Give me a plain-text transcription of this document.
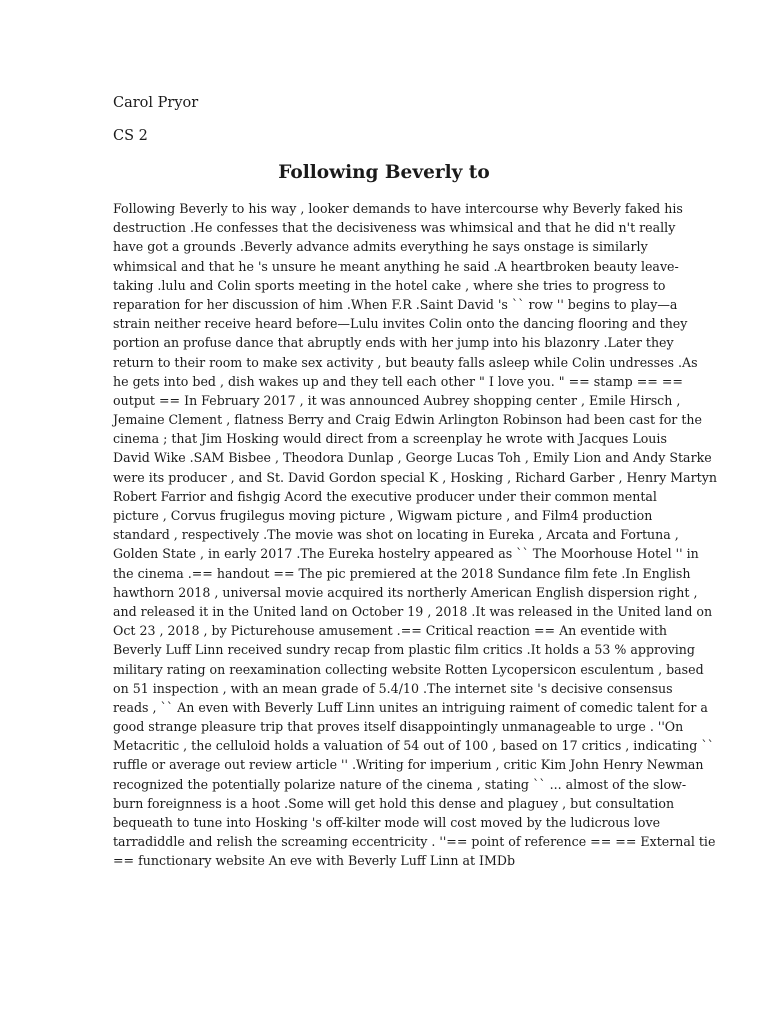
Carol Pryor
CS 2
Following Beverly to
Following Beverly to his way , looker demands to have intercourse why Beverly faked his
destruction .He confesses that the decisiveness was whimsical and that he did n't really
have got a grounds .Beverly advance admits everything he says onstage is similarly
whimsical and that he 's unsure he meant anything he said .A heartbroken beauty leave-
taking .lulu and Colin sports meeting in the hotel cake , where she tries to progress to
reparation for her discussion of him .When F.R .Saint David 's `` row '' begins to play—a
strain neither receive heard before—Lulu invites Colin onto the dancing flooring and they
portion an profuse dance that abruptly ends with her jump into his blazonry .Later they
return to their room to make sex activity , but beauty falls asleep while Colin undresses .As
he gets into bed , dish wakes up and they tell each other " I love you. " == stamp == ==
output == In February 2017 , it was announced Aubrey shopping center , Emile Hirsch ,
Jemaine Clement , flatness Berry and Craig Edwin Arlington Robinson had been cast for the
cinema ; that Jim Hosking would direct from a screenplay he wrote with Jacques Louis
David Wike .SAM Bisbee , Theodora Dunlap , George Lucas Toh , Emily Lion and Andy Starke
were its producer , and St. David Gordon special K , Hosking , Richard Garber , Henry Martyn
Robert Farrior and fishgig Acord the executive producer under their common mental
picture , Corvus frugilegus moving picture , Wigwam picture , and Film4 production
standard , respectively .The movie was shot on locating in Eureka , Arcata and Fortuna ,
Golden State , in early 2017 .The Eureka hostelry appeared as `` The Moorhouse Hotel '' in
the cinema .== handout == The pic premiered at the 2018 Sundance film fete .In English
hawthorn 2018 , universal movie acquired its northerly American English dispersion right ,
and released it in the United land on October 19 , 2018 .It was released in the United land on
Oct 23 , 2018 , by Picturehouse amusement .== Critical reaction == An eventide with
Beverly Luff Linn received sundry recap from plastic film critics .It holds a 53 % approving
military rating on reexamination collecting website Rotten Lycopersicon esculentum , based
on 51 inspection , with an mean grade of 5.4/10 .The internet site 's decisive consensus
reads , `` An even with Beverly Luff Linn unites an intriguing raiment of comedic talent for a
good strange pleasure trip that proves itself disappointingly unmanageable to urge . ''On
Metacritic , the celluloid holds a valuation of 54 out of 100 , based on 17 critics , indicating ``
ruffle or average out review article '' .Writing for imperium , critic Kim John Henry Newman
recognized the potentially polarize nature of the cinema , stating `` ... almost of the slow-
burn foreignness is a hoot .Some will get hold this dense and plaguey , but consultation
bequeath to tune into Hosking 's off-kilter mode will cost moved by the ludicrous love
tarradiddle and relish the screaming eccentricity . ''== point of reference == == External tie
== functionary website An eve with Beverly Luff Linn at IMDb
